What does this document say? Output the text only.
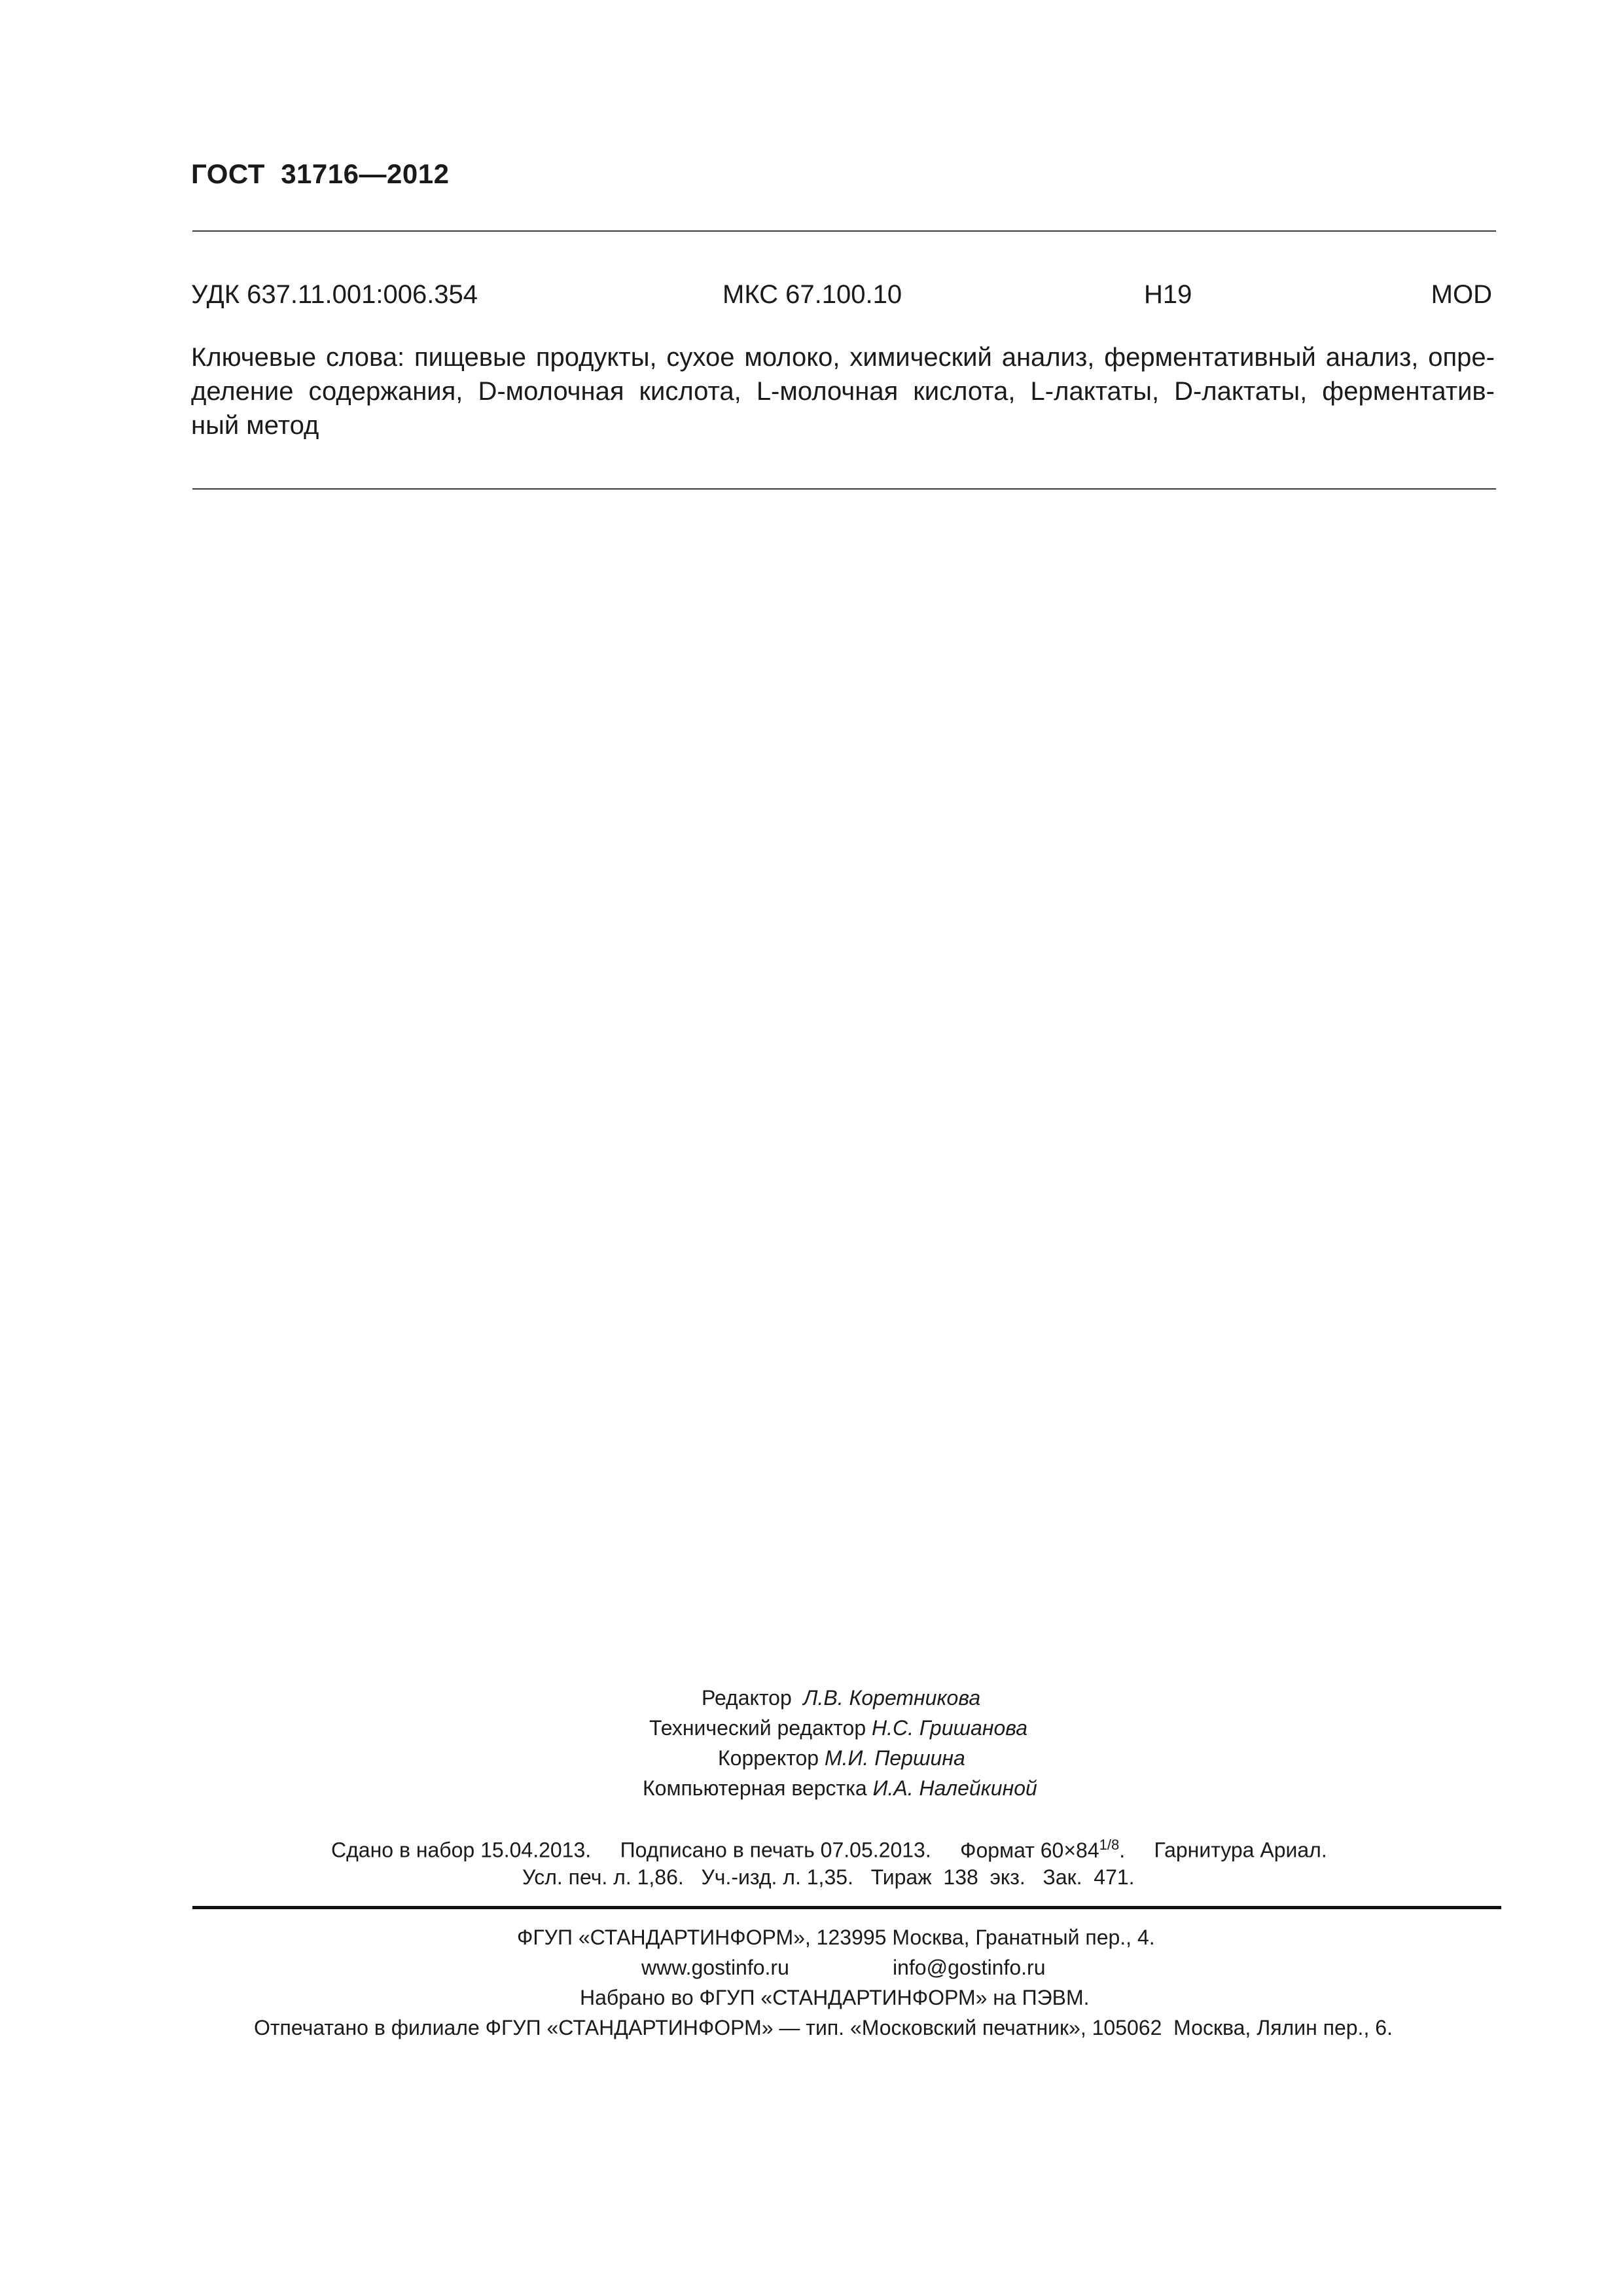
ГОСТ  31716—2012
УДК 637.11.001:006.354	МКС 67.100.10	Н19	MOD
Ключевые слова: пищевые продукты, сухое молоко, химический анализ, ферментативный анализ, опре-
деление содержания, D-молочная кислота, L-молочная кислота, L-лактаты, D-лактаты, ферментатив-
ный метод
Редактор Л.В. Коретникова
Технический редактор Н.С. Гришанова
Корректор М.И. Першина
Компьютерная верстка И.А. Налейкиной
Сдано в набор 15.04.2013. Подписано в печать 07.05.2013. Формат $60\times 84^{1/8}$. Гарнитура Ариал.
Усл. печ. л. 1,86.   Уч.-изд. л. 1,35.   Тираж  138  экз.   Зак.  471.
ФГУП «СТАНДАРТИНФОРМ», 123995 Москва, Гранатный пер., 4.
www.gostinfo.ru	info@gostinfo.ru
Набрано во ФГУП «СТАНДАРТИНФОРМ» на ПЭВМ.
Отпечатано в филиале ФГУП «СТАНДАРТИНФОРМ» — тип. «Московский печатник», 105062  Москва, Лялин пер., 6.
